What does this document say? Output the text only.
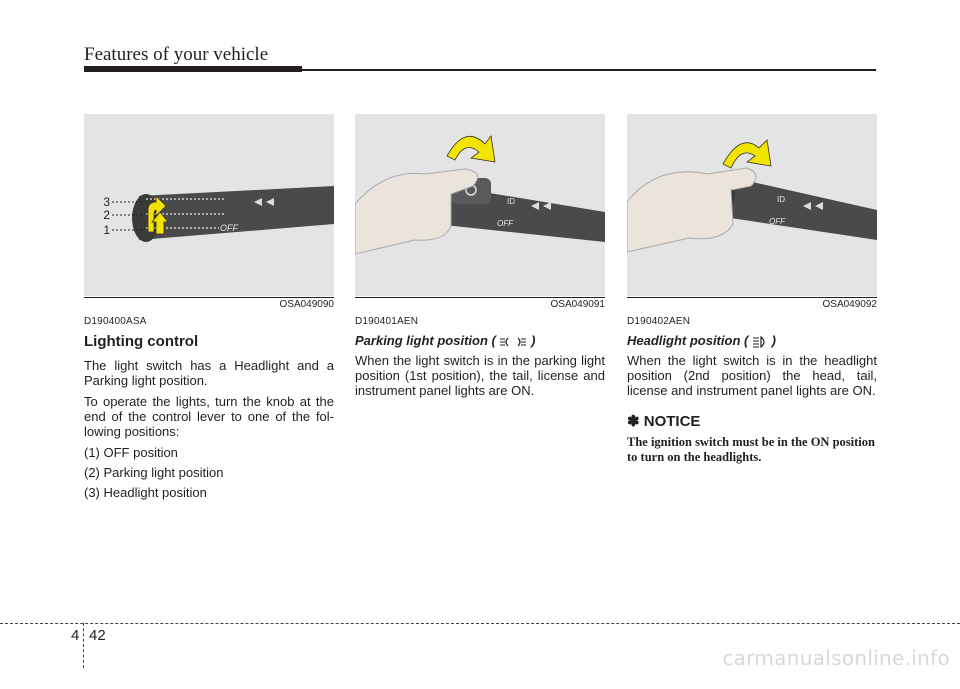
Features of your vehicle
3
2
1
ID
OFF
OSA049090
ID
OFF
OSA049091
ID
OFF
OSA049092
D190400ASA
Lighting control

The light switch has a Headlight and a Parking light position.

To operate the lights, turn the knob at the end of the control lever to one of the fol-lowing positions:

(1) OFF position
(2) Parking light position
(3) Headlight position
D190401AEN
Parking light position (	)

When the light switch is in the parking light position (1st position), the tail, license and instrument panel lights are ON.

D190402AEN
Headlight position ( )

When the light switch is in the headlight position (2nd position) the head, tail, license and instrument panel lights are ON.

✽ NOTICE
The ignition switch must be in the ON position to turn on the headlights.
4 42
carmanualsonline.info
